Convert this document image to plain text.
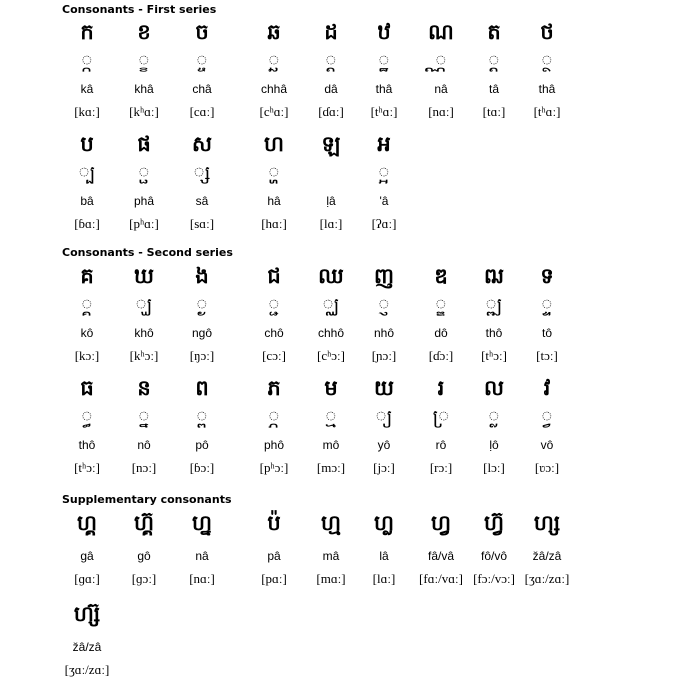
Consonants - First series
Consonants - Second series
Supplementary consonants
ក
្ក
kâ
[kɑː]
ខ
្ខ
khâ
[kʰɑː]
ច
្ច
châ
[cɑː]
ឆ
្ឆ
chhâ
[cʰɑː]
ដ
្ដ
dâ
[ɗɑː]
ឋ
្ឋ
thâ
[tʰɑː]
ណ
្ណ
nâ
[nɑː]
ត
្ត
tâ
[tɑː]
ថ
្ថ
thâ
[tʰɑː]
ប
្ប
bâ
[ɓɑː]
ផ
្ផ
phâ
[pʰɑː]
ស
្ស
sâ
[sɑː]
ហ
្ហ
hâ
[hɑː]
ឡ
ḷâ
[lɑː]
អ
្អ
'â
[ʔɑː]
គ
្គ
kô
[kɔː]
ឃ
្ឃ
khô
[kʰɔː]
ង
្ង
ngô
[ŋɔː]
ជ
្ជ
chô
[cɔː]
ឈ
្ឈ
chhô
[cʰɔː]
ញ
្ញ
nhô
[ɲɔː]
ឌ
្ឌ
dô
[ɗɔː]
ឍ
្ឍ
thô
[tʰɔː]
ទ
្ទ
tô
[tɔː]
ធ
្ធ
thô
[tʰɔː]
ន
្ន
nô
[nɔː]
ព
្ព
pô
[ɓɔː]
ភ
្ភ
phô
[pʰɔː]
ម
្ម
mô
[mɔː]
យ
្យ
yô
[jɔː]
រ
្រ
rô
[rɔː]
ល
្ល
ḷô
[lɔː]
វ
្វ
vô
[ʋɔː]
ហ្គ
gâ
[ɡɑː]
ហ្គ៊
gô
[ɡɔː]
ហ្ន
nâ
[nɑː]
ប៉
pâ
[pɑː]
ហ្ម
mâ
[mɑː]
ហ្ល
lâ
[lɑː]
ហ្វ
fâ/vâ
[fɑː/vɑː]
ហ្វ៊
fô/vô
[fɔː/vɔː]
ហ្ស
žâ/zâ
[ʒɑː/zɑː]
ហ្ស៊
žâ/zâ
[ʒɑː/zɑː]
